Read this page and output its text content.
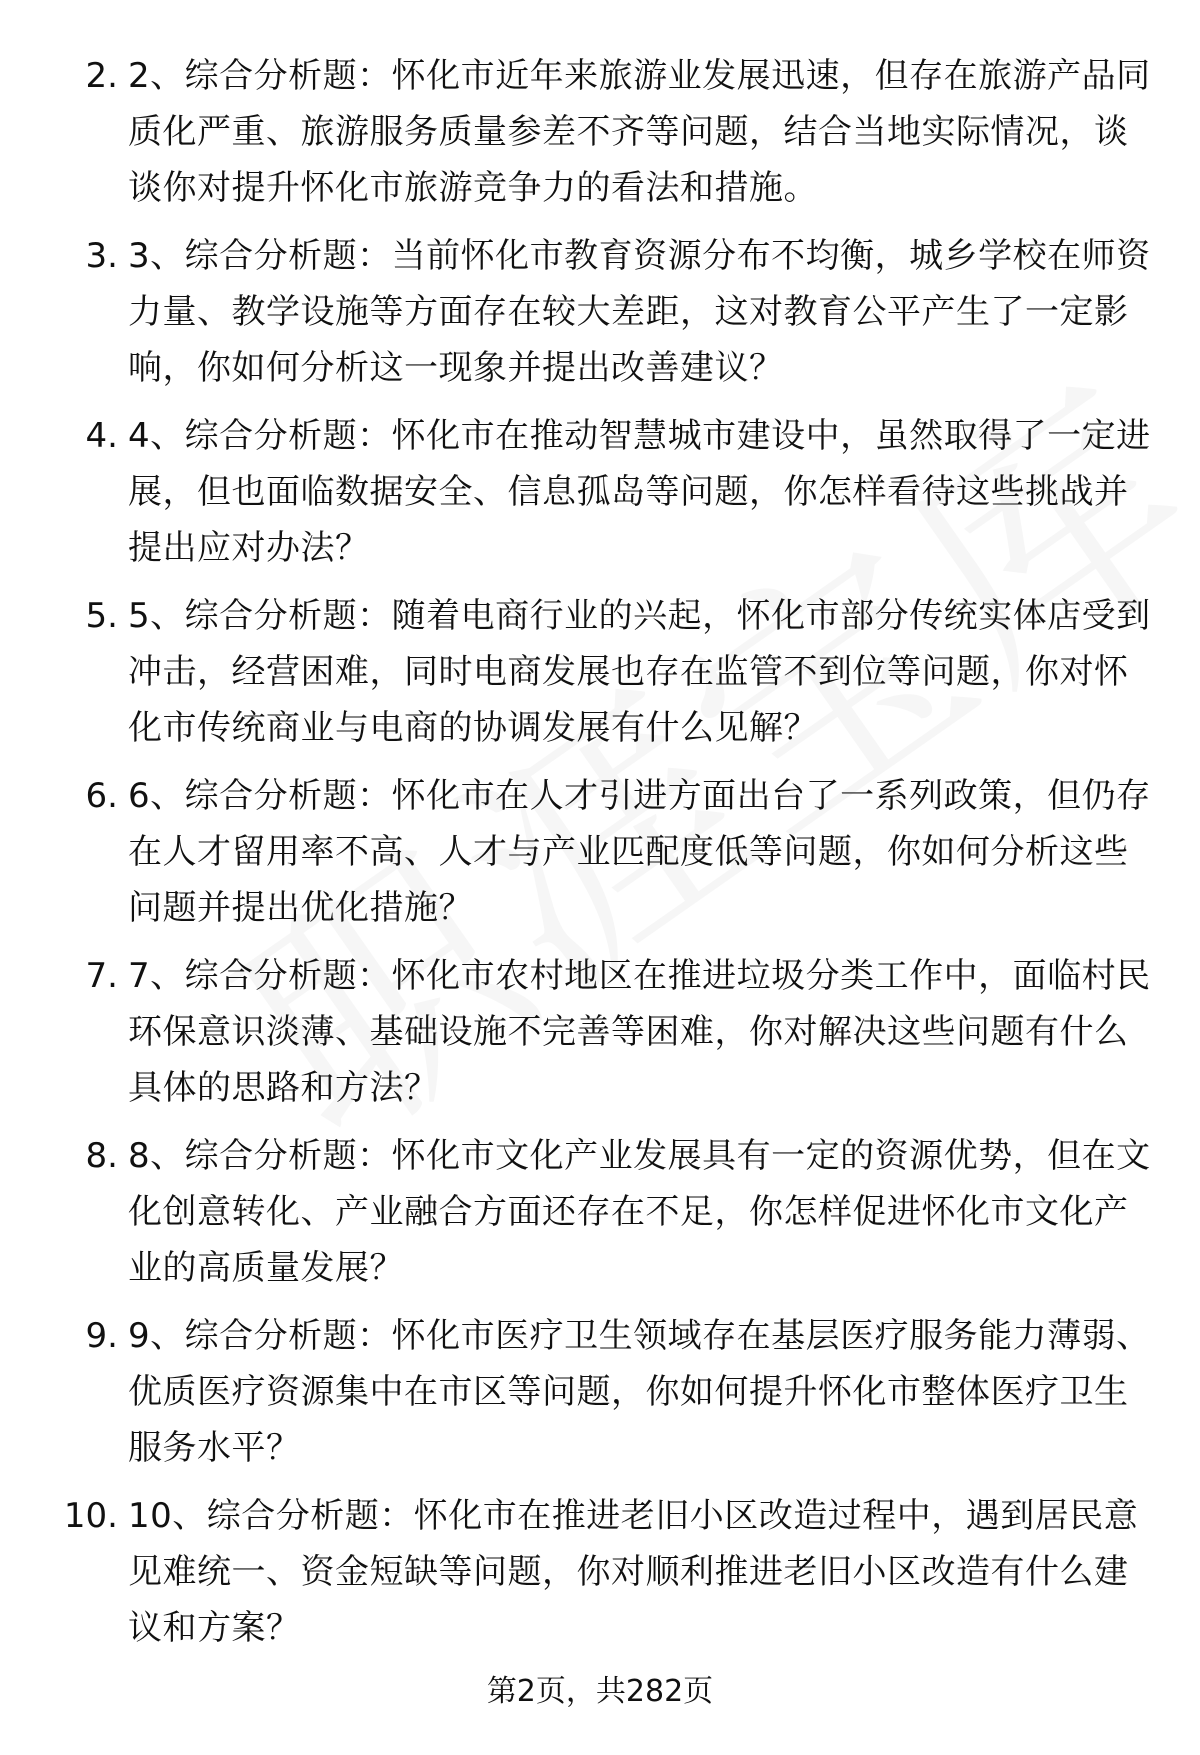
2. 2、综合分析题：怀化市近年来旅游业发展迅速，但存在旅游产品同质化严重、旅游服务质量参差不齐等问题，结合当地实际情况，谈谈你对提升怀化市旅游竞争力的看法和措施。
3. 3、综合分析题：当前怀化市教育资源分布不均衡，城乡学校在师资力量、教学设施等方面存在较大差距，这对教育公平产生了一定影响，你如何分析这一现象并提出改善建议？
4. 4、综合分析题：怀化市在推动智慧城市建设中，虽然取得了一定进展，但也面临数据安全、信息孤岛等问题，你怎样看待这些挑战并提出应对办法？
5. 5、综合分析题：随着电商行业的兴起，怀化市部分传统实体店受到冲击，经营困难，同时电商发展也存在监管不到位等问题，你对怀化市传统商业与电商的协调发展有什么见解？
6. 6、综合分析题：怀化市在人才引进方面出台了一系列政策，但仍存在人才留用率不高、人才与产业匹配度低等问题，你如何分析这些问题并提出优化措施？
7. 7、综合分析题：怀化市农村地区在推进垃圾分类工作中，面临村民环保意识淡薄、基础设施不完善等困难，你对解决这些问题有什么具体的思路和方法？
8. 8、综合分析题：怀化市文化产业发展具有一定的资源优势，但在文化创意转化、产业融合方面还存在不足，你怎样促进怀化市文化产业的高质量发展？
9. 9、综合分析题：怀化市医疗卫生领域存在基层医疗服务能力薄弱、优质医疗资源集中在市区等问题，你如何提升怀化市整体医疗卫生服务水平？
10. 10、综合分析题：怀化市在推进老旧小区改造过程中，遇到居民意见难统一、资金短缺等问题，你对顺利推进老旧小区改造有什么建议和方案？
第2页，共282页
